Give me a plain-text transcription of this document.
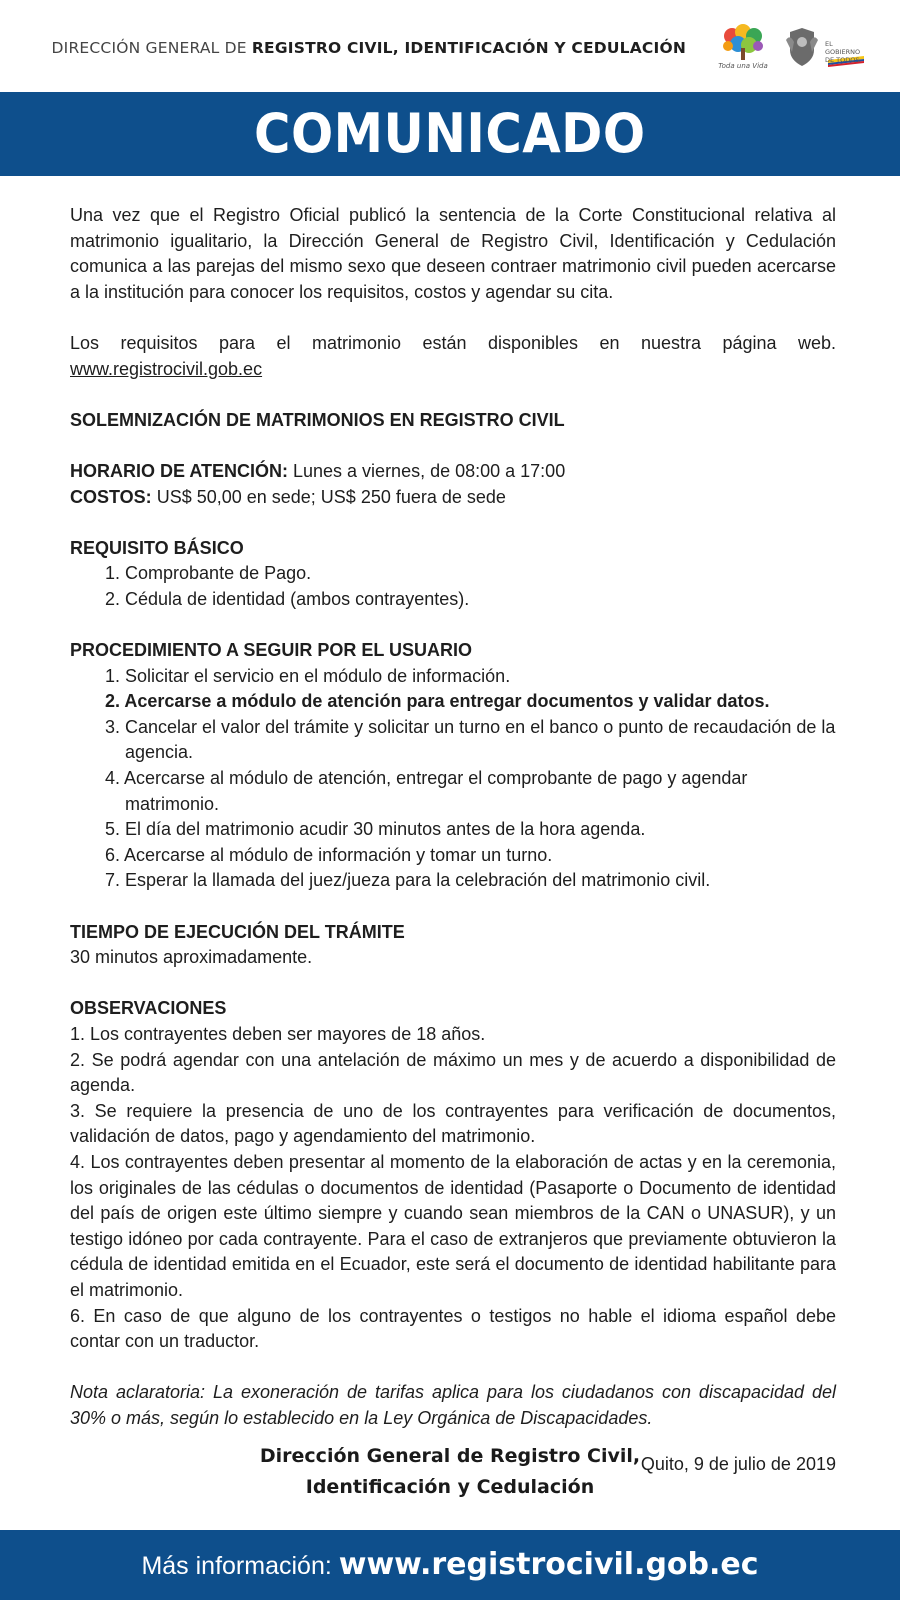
DIRECCIÓN GENERAL DE REGISTRO CIVIL, IDENTIFICACIÓN Y CEDULACIÓN
Toda una Vida
EL
GOBIERNO
DE TODOS
COMUNICADO

Una vez que el Registro Oficial publicó la sentencia de la Corte Constitucional relativa al matrimonio igualitario, la Dirección General de Registro Civil, Identificación y Cedulación comunica a las parejas del mismo sexo que deseen contraer matrimonio civil pueden acercarse a la institución para conocer los requisitos, costos y agendar su cita.

Los requisitos para el matrimonio están disponibles en nuestra página web.

www.registrocivil.gob.ec

SOLEMNIZACIÓN DE MATRIMONIOS EN REGISTRO CIVIL

HORARIO DE ATENCIÓN: Lunes a viernes, de 08:00 a 17:00

COSTOS: US$ 50,00 en sede; US$ 250 fuera de sede

REQUISITO BÁSICO

1. Comprobante de Pago.
2. Cédula de identidad (ambos contrayentes).

PROCEDIMIENTO A SEGUIR POR EL USUARIO

1. Solicitar el servicio en el módulo de información.
2. Acercarse a módulo de atención para entregar documentos y validar datos.
3. Cancelar el valor del trámite y solicitar un turno en el banco o punto de recaudación de la agencia.
4. Acercarse al módulo de atención, entregar el comprobante de pago y agendar matrimonio.
5. El día del matrimonio acudir 30 minutos antes de la hora agenda.
6. Acercarse al módulo de información y tomar un turno.
7. Esperar la llamada del juez/jueza para la celebración del matrimonio civil.

TIEMPO DE EJECUCIÓN DEL TRÁMITE

30 minutos aproximadamente.

OBSERVACIONES

1. Los contrayentes deben ser mayores de 18 años.

2. Se podrá agendar con una antelación de máximo un mes y de acuerdo a disponibilidad de agenda.

3. Se requiere la presencia de uno de los contrayentes para verificación de documentos, validación de datos, pago y agendamiento del matrimonio.

4. Los contrayentes deben presentar al momento de la elaboración de actas y en la ceremonia, los originales de las cédulas o documentos de identidad (Pasaporte o Documento de identidad del país de origen este último siempre y cuando sean miembros de la CAN o UNASUR), y un testigo idóneo por cada contrayente. Para el caso de extranjeros que previamente obtuvieron la cédula de identidad emitida en el Ecuador, este será el documento de identidad habilitante para el matrimonio.

6. En caso de que alguno de los contrayentes o testigos no hable el idioma español debe contar con un traductor.

Nota aclaratoria: La exoneración de tarifas aplica para los ciudadanos con discapacidad del 30% o más, según lo establecido en la Ley Orgánica de Discapacidades.

Quito, 9 de julio de 2019

Dirección General de Registro Civil,
Identificación y Cedulación
Más información: www.registrocivil.gob.ec
